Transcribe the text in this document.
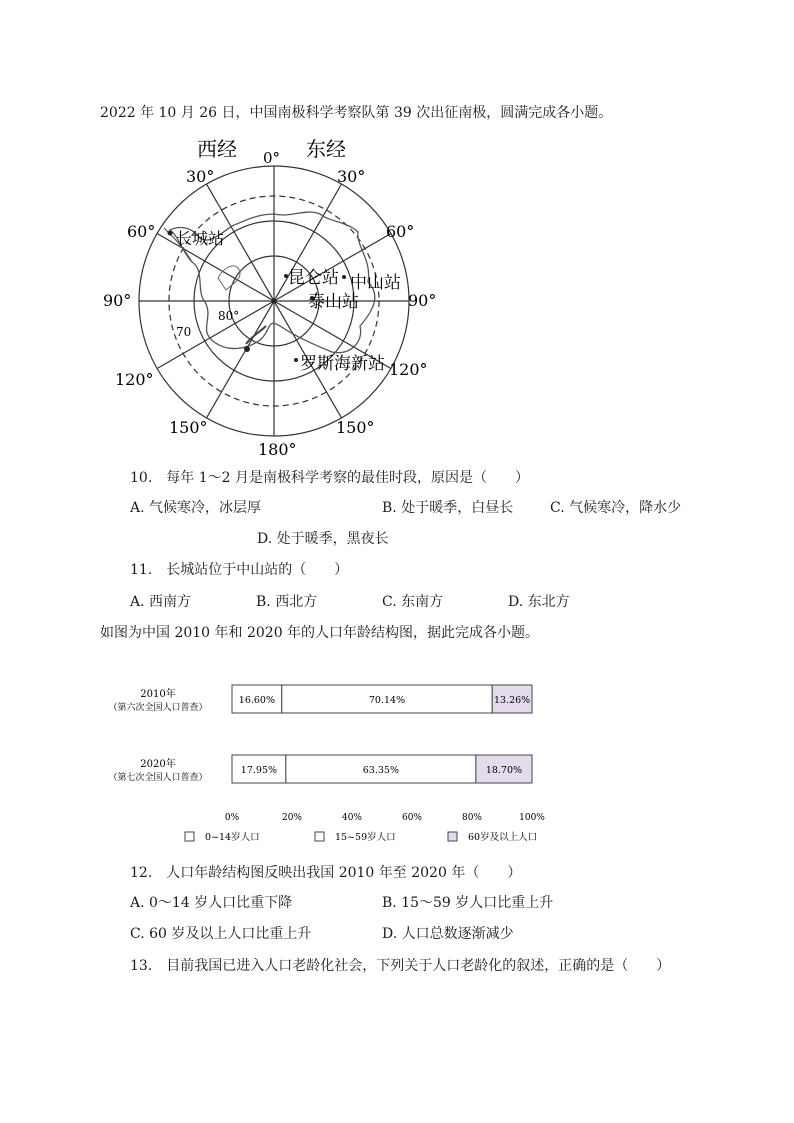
2022 年 10 月 26 日，中国南极科学考察队第 39 次出征南极，圆满完成各小题。
西经	东经
0°
30°	30°
60°	60°
90°	90°
120°
120°
150°	150°
180°
70
80°
长城站
昆仑站 中山站
泰山站
罗斯海新站
10.　每年 1～2 月是南极科学考察的最佳时段，原因是（　　）
A. 气候寒冷，冰层厚	B. 处于暖季，白昼长	C. 气候寒冷，降水少
D. 处于暖季，黑夜长
11.　长城站位于中山站的（　　）
A. 西南方	B. 西北方	C. 东南方	D. 东北方
如图为中国 2010 年和 2020 年的人口年龄结构图，据此完成各小题。
2010年
（第六次全国人口普查）
2020年
（第七次全国人口普查）
16.60%	70.14%	13.26%
17.95%	63.35%	18.70%
0%	20%	40%	60%	80%	100%
0~14岁人口	15~59岁人口	60岁及以上人口
12.　人口年龄结构图反映出我国 2010 年至 2020 年（　　）
A. 0～14 岁人口比重下降	B. 15～59 岁人口比重上升
C. 60 岁及以上人口比重上升	D. 人口总数逐渐减少
13.　目前我国已进入人口老龄化社会，下列关于人口老龄化的叙述，正确的是（　　）
